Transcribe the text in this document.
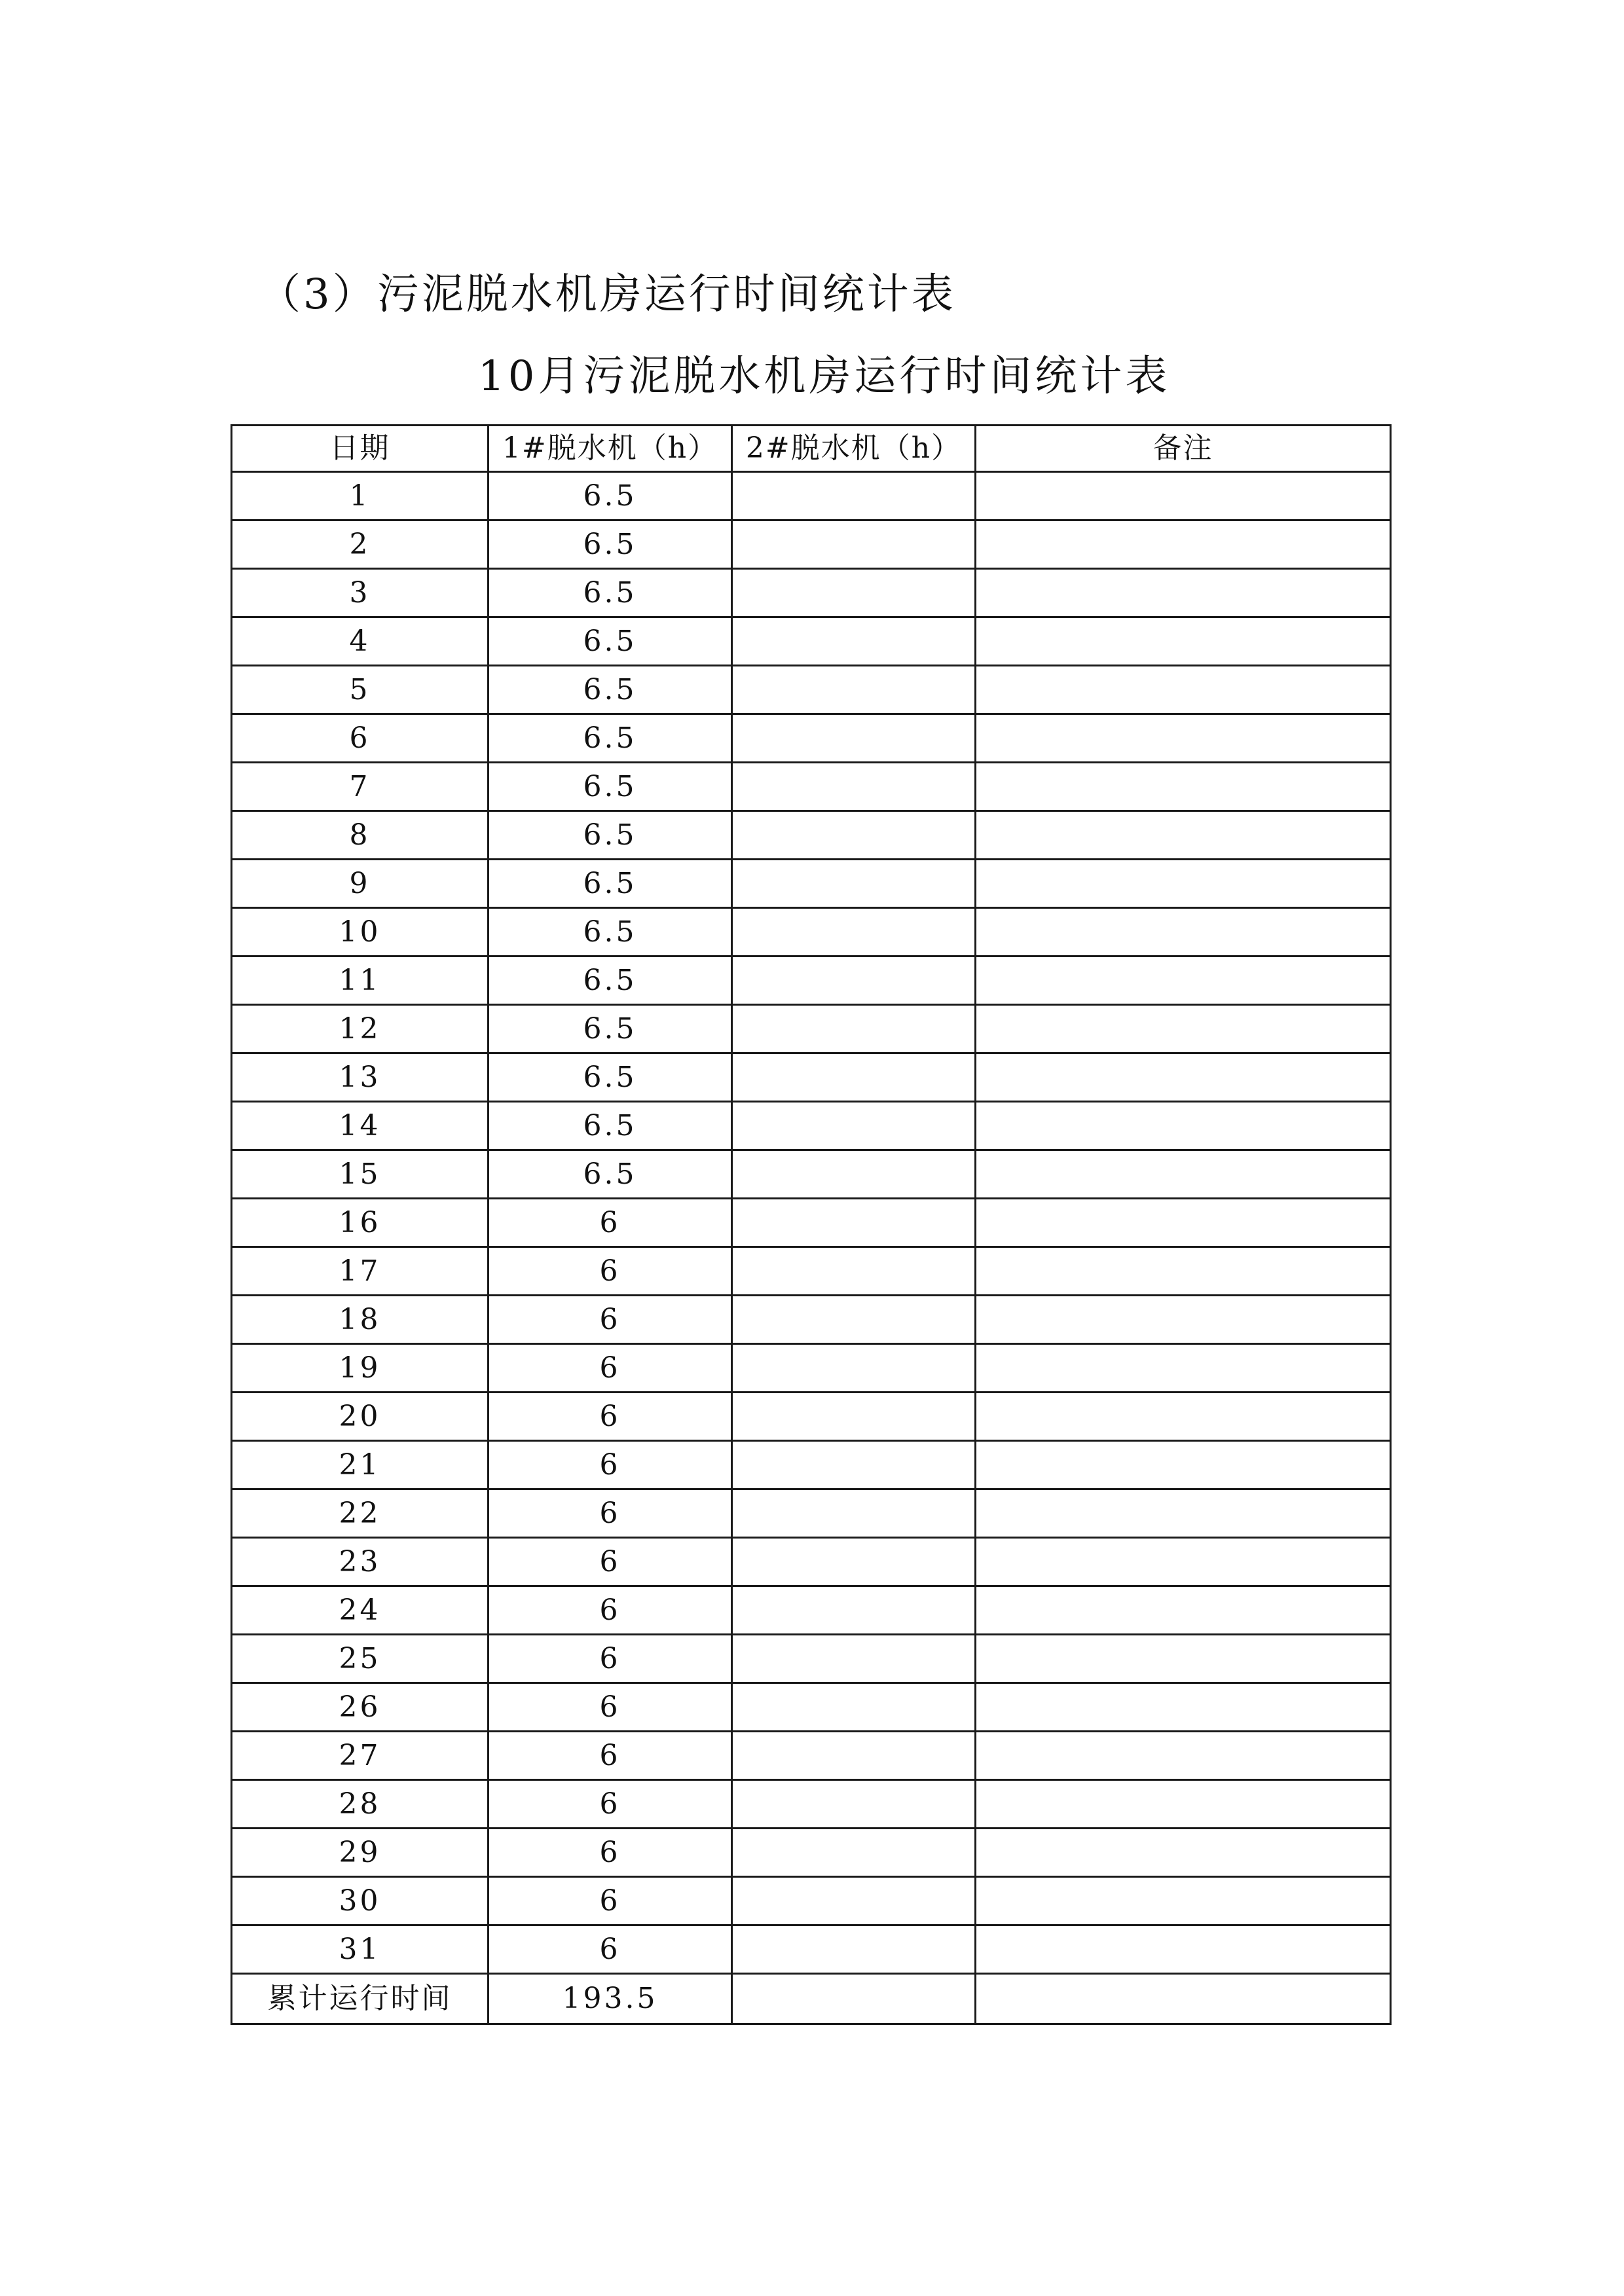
（3）污泥脱水机房运行时间统计表
10月污泥脱水机房运行时间统计表
日期	1#脱水机（h）	2#脱水机（h）	备注
1	6.5		
2	6.5		
3	6.5		
4	6.5		
5	6.5		
6	6.5		
7	6.5		
8	6.5		
9	6.5		
10	6.5		
11	6.5		
12	6.5		
13	6.5		
14	6.5		
15	6.5		
16	6		
17	6		
18	6		
19	6		
20	6		
21	6		
22	6		
23	6		
24	6		
25	6		
26	6		
27	6		
28	6		
29	6		
30	6		
31	6		
累计运行时间	193.5		
